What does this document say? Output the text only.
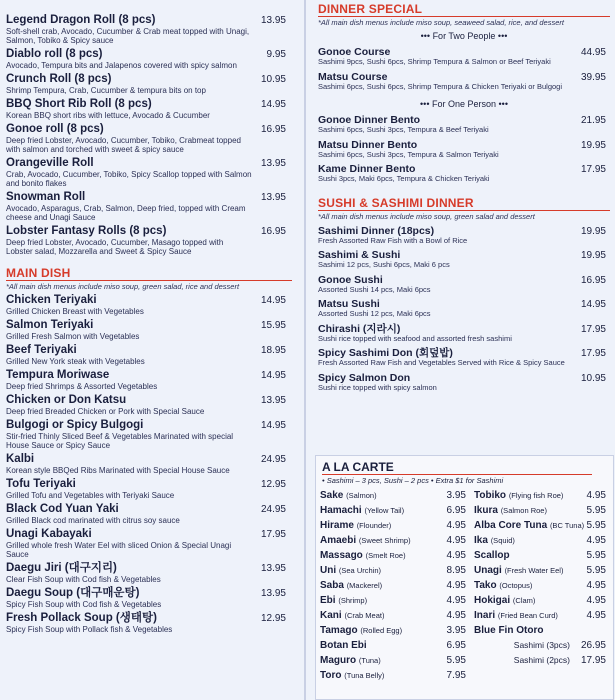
Legend Dragon Roll (8 pcs)
Soft-shell crab, Avocado, Cucumber & Crab meat topped with Unagi, Salmon, Tobiko & Spicy sauce
13.95
Diablo roll (8 pcs)
Avocado, Tempura bits and Jalapenos covered with spicy salmon
9.95
Crunch Roll (8 pcs)
Shrimp Tempura, Crab, Cucumber & tempura bits on top
10.95
BBQ Short Rib Roll (8 pcs)
Korean BBQ short ribs with lettuce, Avocado & Cucumber
14.95
Gonoe roll (8 pcs)
Deep fried Lobster, Avocado, Cucumber, Tobiko, Crabmeat topped with salmon and torched with sweet & spicy sauce
16.95
Orangeville Roll
Crab, Avocado, Cucumber, Tobiko, Spicy Scallop topped with Salmon and bonito flakes
13.95
Snowman Roll
Avocado, Asparagus, Crab, Salmon, Deep fried, topped with Cream cheese and Unagi Sauce
13.95
Lobster Fantasy Rolls (8 pcs)
Deep fried Lobster, Avocado, Cucumber, Masago topped with Lobster salad, Mozzarella and Sweet & Spicy Sauce
16.95
MAIN DISH
*All main dish menus include miso soup, green salad, rice and dessert
Chicken Teriyaki
Grilled Chicken Breast with Vegetables
14.95
Salmon Teriyaki
Grilled Fresh Salmon with Vegetables
15.95
Beef Teriyaki
Grilled New York steak with Vegetables
18.95
Tempura Moriwase
Deep fried Shrimps & Assorted Vegetables
14.95
Chicken or Don Katsu
Deep fried Breaded Chicken or Pork with Special Sauce
13.95
Bulgogi or Spicy Bulgogi
Stir-fried Thinly Sliced Beef & Vegetables Marinated with special House Sauce or Spicy Sauce
14.95
Kalbi
Korean style BBQed Ribs Marinated with Special House Sauce
24.95
Tofu Teriyaki
Grilled Tofu and Vegetables with Teriyaki Sauce
12.95
Black Cod Yuan Yaki
Grilled Black cod marinated with citrus soy sauce
24.95
Unagi Kabayaki
Grilled whole fresh Water Eel with sliced Onion & Special Unagi Sauce
17.95
Daegu Jiri (대구지리)
Clear Fish Soup with Cod fish & Vegetables
13.95
Daegu Soup (대구매운탕)
Spicy Fish Soup with Cod fish & Vegetables
13.95
Fresh Pollack Soup (생태탕)
Spicy Fish Soup with Pollack fish & Vegetables
12.95
DINNER SPECIAL
*All main dish menus include miso soup, seaweed salad, rice, and dessert
••• For Two People •••
Gonoe Course
Sashimi 9pcs, Sushi 6pcs, Shrimp Tempura & Salmon or Beef Teriyaki
44.95
Matsu Course
Sashimi 6pcs, Sushi 6pcs, Shrimp Tempura & Chicken Teriyaki or Bulgogi
39.95
••• For One Person •••
Gonoe Dinner Bento
Sashimi 6pcs, Sushi 3pcs, Tempura & Beef Teriyaki
21.95
Matsu Dinner Bento
Sashimi 6pcs, Sushi 3pcs, Tempura & Salmon Teriyaki
19.95
Kame Dinner Bento
Sushi 3pcs, Maki 6pcs, Tempura & Chicken Teriyaki
17.95
SUSHI & SASHIMI DINNER
*All main dish menus include miso soup, green salad and dessert
Sashimi Dinner (18pcs)
Fresh Assorted Raw Fish with a Bowl of Rice
19.95
Sashimi & Sushi
Sashimi 12 pcs, Sushi 6pcs, Maki 6 pcs
19.95
Gonoe Sushi
Assorted Sushi 14 pcs, Maki 6pcs
16.95
Matsu Sushi
Assorted Sushi 12 pcs, Maki 6pcs
14.95
Chirashi (지라시)
Sushi rice topped with seafood and assorted fresh sashimi
17.95
Spicy Sashimi Don (회덮밥)
Fresh Assorted Raw Fish and Vegetables Served with Rice & Spicy Sauce
17.95
Spicy Salmon Don
Sushi rice topped with spicy salmon
10.95
A LA CARTE
• Sashimi – 3 pcs, Sushi – 2 pcs • Extra $1 for Sashimi
Sake (Salmon)	3.95
Hamachi (Yellow Tail)	6.95
Hirame (Flounder)	4.95
Amaebi (Sweet Shrimp)	4.95
Massago (Smelt Roe)	4.95
Uni (Sea Urchin)	8.95
Saba (Mackerel)	4.95
Ebi (Shrimp)	4.95
Kani (Crab Meat)	4.95
Tamago (Rolled Egg)	3.95
Botan Ebi	6.95
Maguro (Tuna)	5.95
Toro (Tuna Belly)	7.95
Tobiko (Flying fish Roe) 4.95
Ikura (Salmon Roe)	5.95
Alba Core Tuna (BC Tuna) 5.95
Ika (Squid)	4.95
Scallop	5.95
Unagi (Fresh Water Eel) 5.95
Tako (Octopus)	4.95
Hokigai (Clam)	4.95
Inari (Fried Bean Curd)	4.95
Blue Fin Otoro
Sashimi (3pcs) 26.95
Sashimi (2pcs) 17.95
